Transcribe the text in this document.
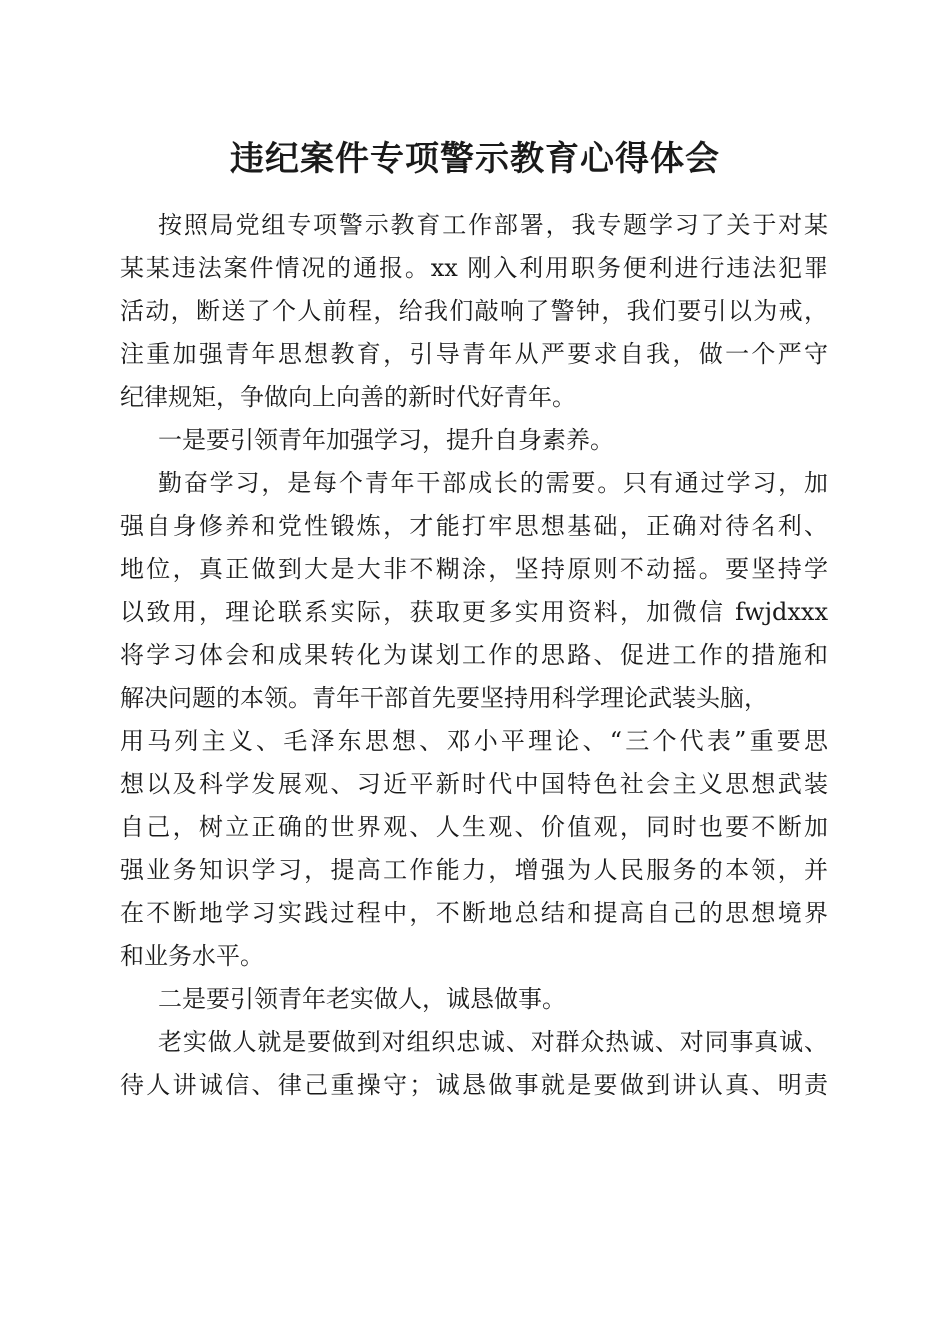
违纪案件专项警示教育心得体会
按照局党组专项警示教育工作部署，我专题学习了关于对某
某某违法案件情况的通报。xx 刚入利用职务便利进行违法犯罪
活动，断送了个人前程，给我们敲响了警钟，我们要引以为戒，
注重加强青年思想教育，引导青年从严要求自我，做一个严守
纪律规矩，争做向上向善的新时代好青年。
一是要引领青年加强学习，提升自身素养。
勤奋学习，是每个青年干部成长的需要。只有通过学习，加
强自身修养和党性锻炼，才能打牢思想基础，正确对待名利、
地位，真正做到大是大非不糊涂，坚持原则不动摇。要坚持学
以致用，理论联系实际，获取更多实用资料，加微信 fwjdxxx
将学习体会和成果转化为谋划工作的思路、促进工作的措施和
解决问题的本领。青年干部首先要坚持用科学理论武装头脑，
用马列主义、毛泽东思想、邓小平理论、“三个代表”重要思
想以及科学发展观、习近平新时代中国特色社会主义思想武装
自己，树立正确的世界观、人生观、价值观，同时也要不断加
强业务知识学习，提高工作能力，增强为人民服务的本领，并
在不断地学习实践过程中，不断地总结和提高自己的思想境界
和业务水平。
二是要引领青年老实做人，诚恳做事。
老实做人就是要做到对组织忠诚、对群众热诚、对同事真诚、
待人讲诚信、律己重操守；诚恳做事就是要做到讲认真、明责
